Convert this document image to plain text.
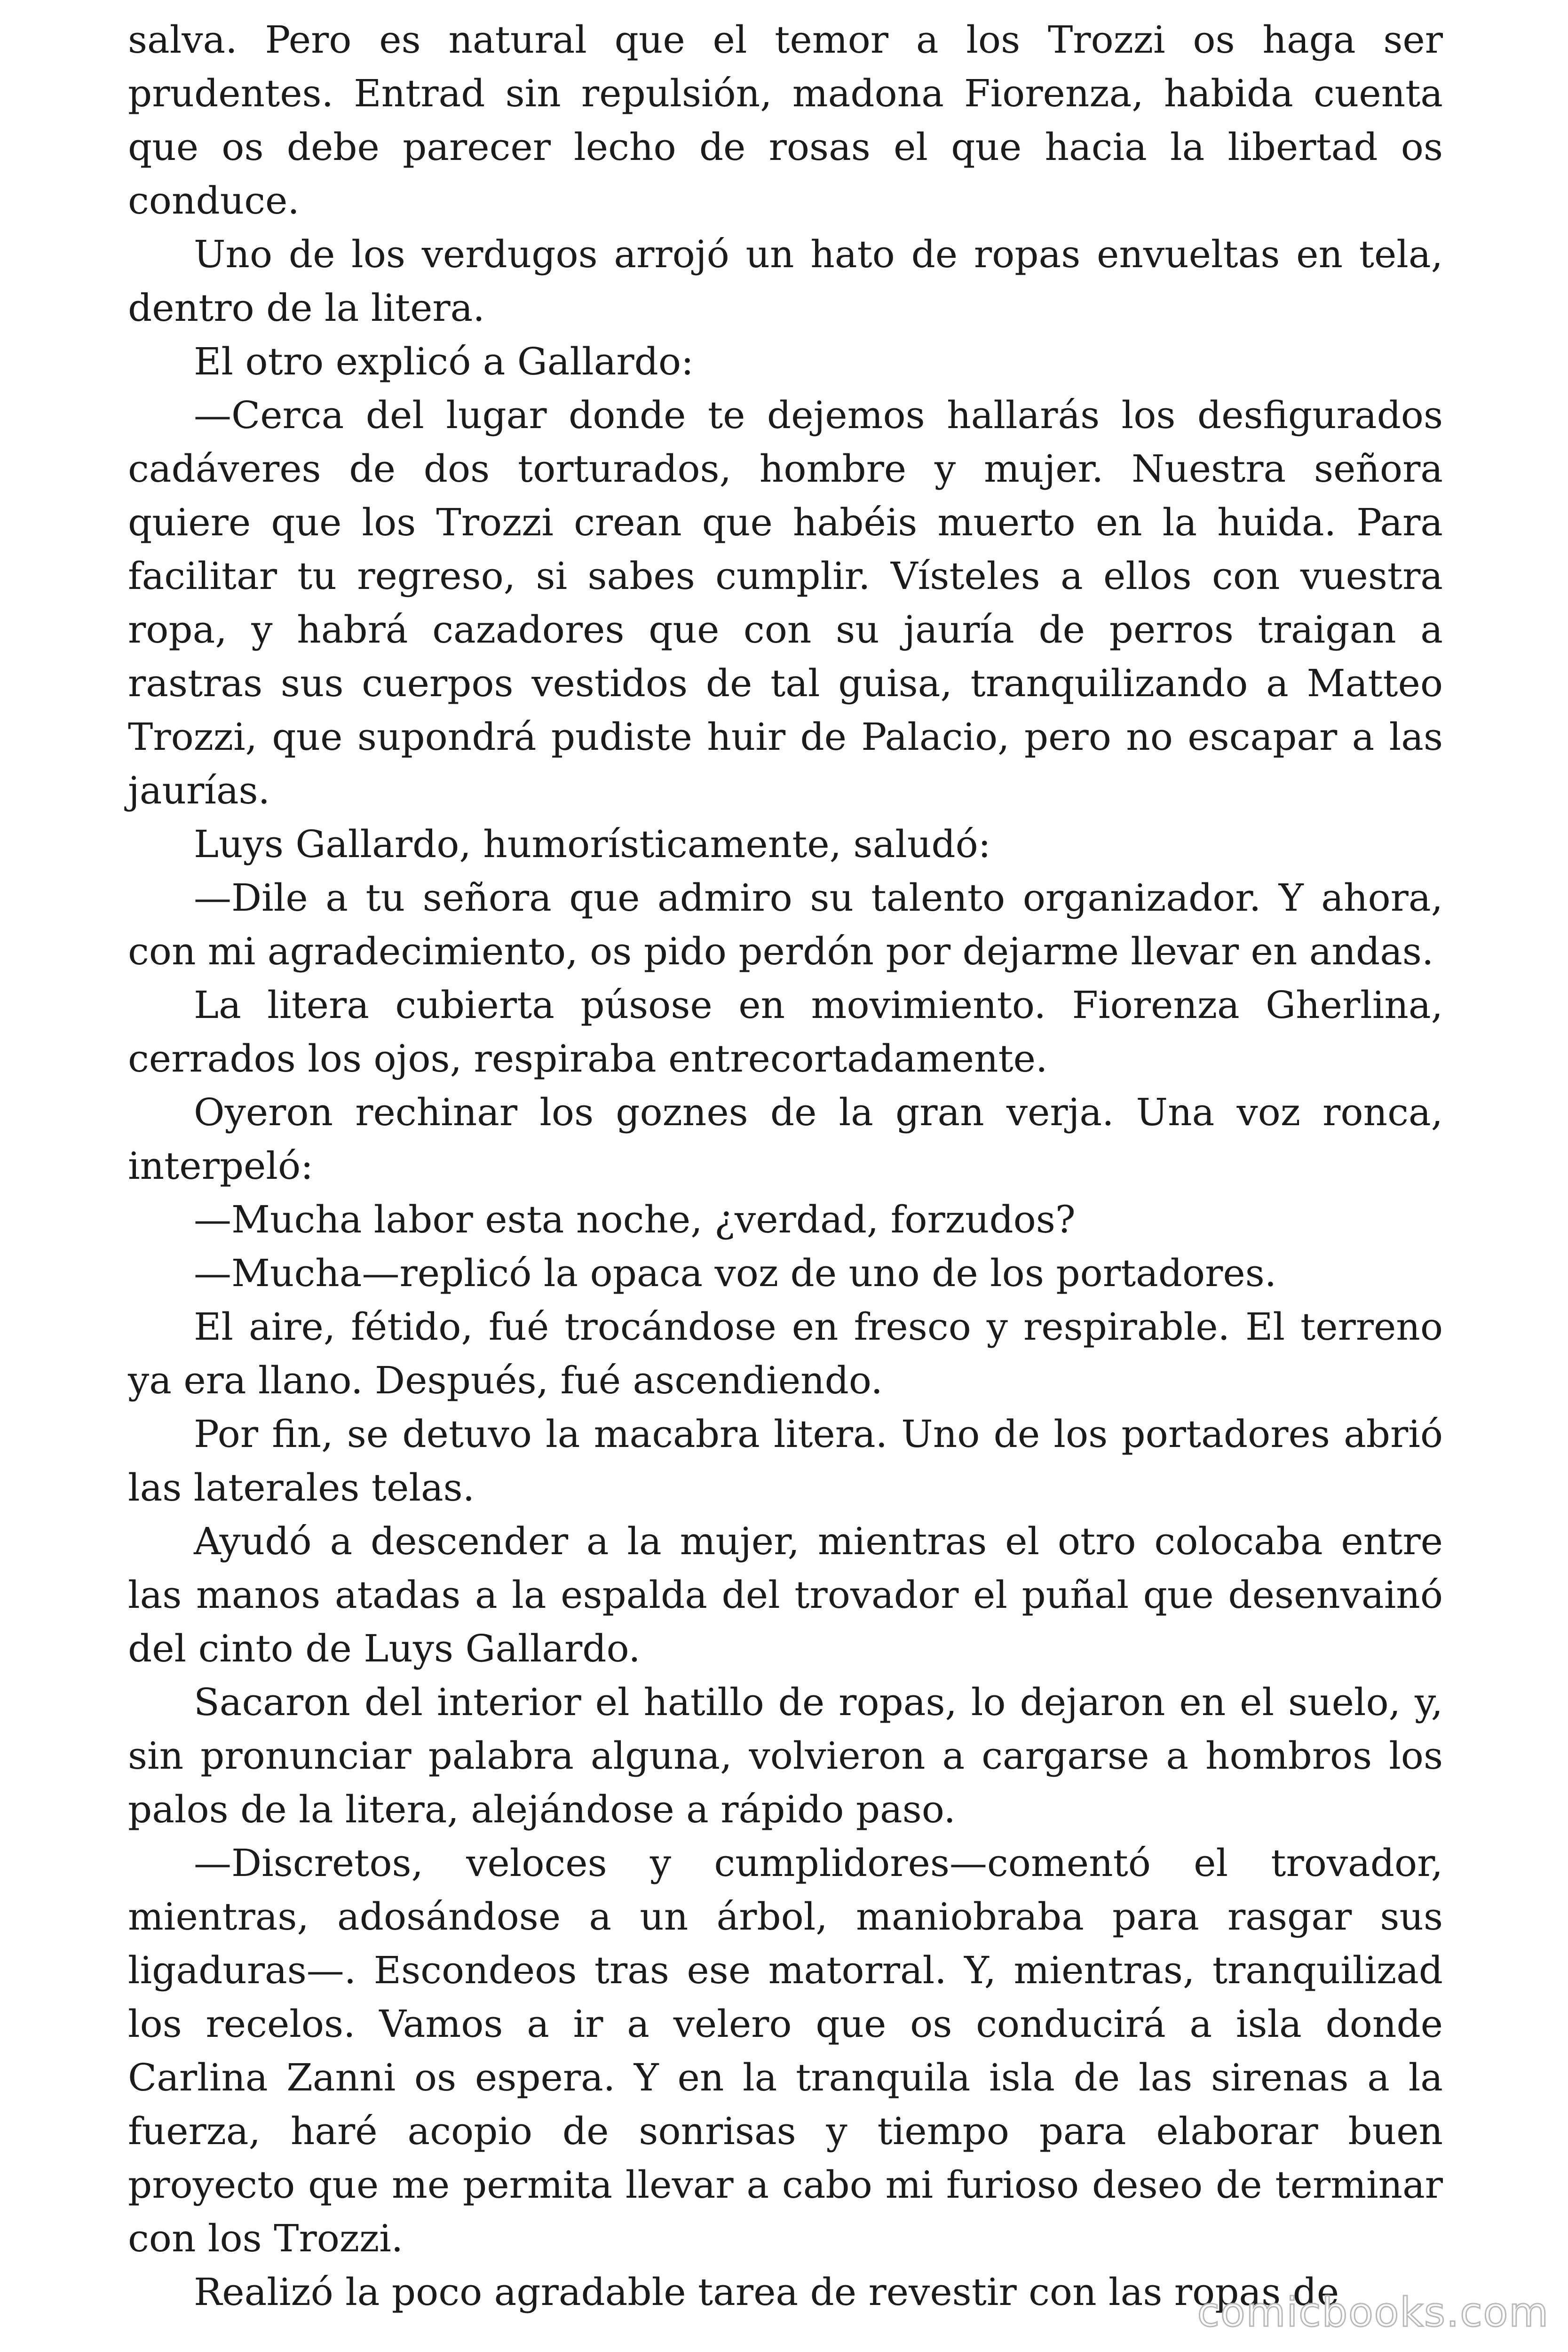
salva. Pero es natural que el temor a los Trozzi os haga ser prudentes. Entrad sin repulsión, madona Fiorenza, habida cuenta que os debe parecer lecho de rosas el que hacia la libertad os conduce.

Uno de los verdugos arrojó un hato de ropas envueltas en tela, dentro de la litera.

El otro explicó a Gallardo:

—Cerca del lugar donde te dejemos hallarás los desfigurados cadáveres de dos torturados, hombre y mujer. Nuestra señora quiere que los Trozzi crean que habéis muerto en la huida. Para facilitar tu regreso, si sabes cumplir. Vísteles a ellos con vuestra ropa, y habrá cazadores que con su jauría de perros traigan a rastras sus cuerpos vestidos de tal guisa, tranquilizando a Matteo Trozzi, que supondrá pudiste huir de Palacio, pero no escapar a las jaurías.

Luys Gallardo, humorísticamente, saludó:

—Dile a tu señora que admiro su talento organizador. Y ahora, con mi agradecimiento, os pido perdón por dejarme llevar en andas.

La litera cubierta púsose en movimiento. Fiorenza Gherlina, cerrados los ojos, respiraba entrecortadamente.

Oyeron rechinar los goznes de la gran verja. Una voz ronca, interpeló:

—Mucha labor esta noche, ¿verdad, forzudos?

—Mucha—replicó la opaca voz de uno de los portadores.

El aire, fétido, fué trocándose en fresco y respirable. El terreno ya era llano. Después, fué ascendiendo.

Por fin, se detuvo la macabra litera. Uno de los portadores abrió las laterales telas.

Ayudó a descender a la mujer, mientras el otro colocaba entre las manos atadas a la espalda del trovador el puñal que desenvainó del cinto de Luys Gallardo.

Sacaron del interior el hatillo de ropas, lo dejaron en el suelo, y, sin pronunciar palabra alguna, volvieron a cargarse a hombros los palos de la litera, alejándose a rápido paso.

—Discretos, veloces y cumplidores—comentó el trovador, mientras, adosándose a un árbol, maniobraba para rasgar sus ligaduras—. Escondeos tras ese matorral. Y, mientras, tranquilizad los recelos. Vamos a ir a velero que os conducirá a isla donde Carlina Zanni os espera. Y en la tranquila isla de las sirenas a la fuerza, haré acopio de sonrisas y tiempo para elaborar buen proyecto que me permita llevar a cabo mi furioso deseo de terminar con los Trozzi.

Realizó la poco agradable tarea de revestir con las ropas de

comicbooks.com
